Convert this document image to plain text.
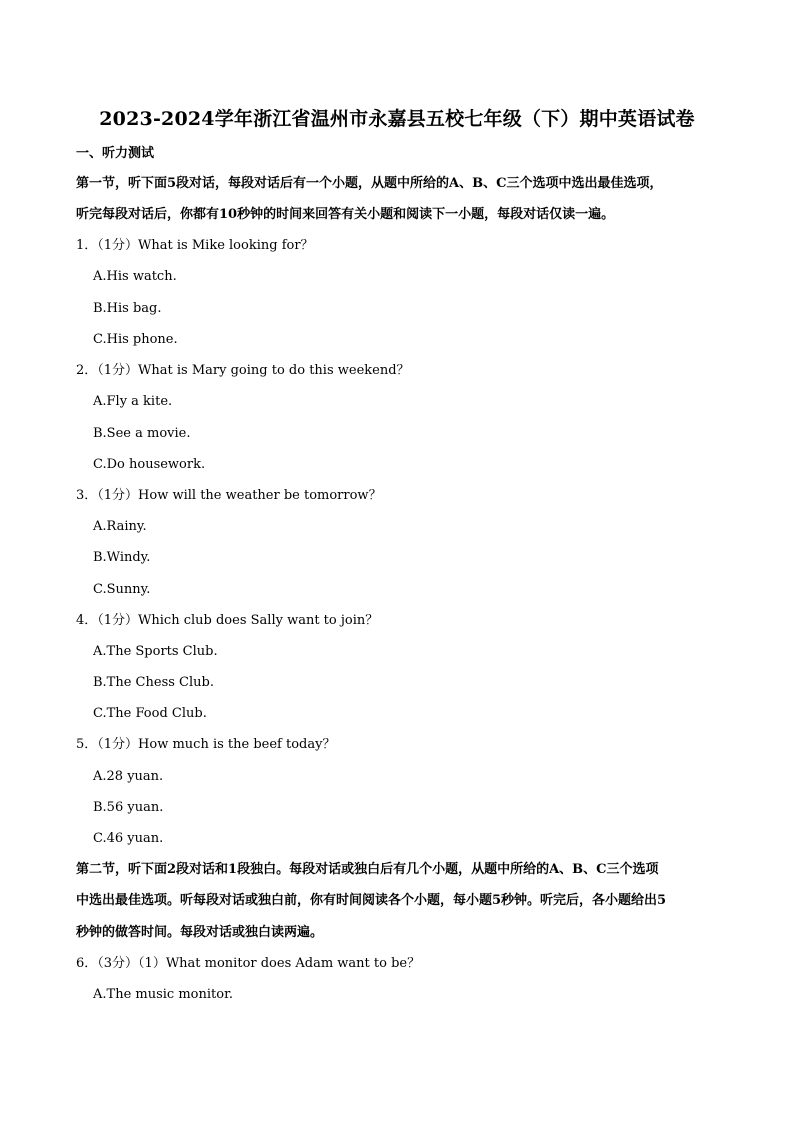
2023-2024学年浙江省温州市永嘉县五校七年级（下）期中英语试卷
一、听力测试
第一节，听下面5段对话，每段对话后有一个小题，从题中所给的A、B、C三个选项中选出最佳选项，
听完每段对话后，你都有10秒钟的时间来回答有关小题和阅读下一小题，每段对话仅读一遍。
1．（1分）What is Mike looking for？
A.His watch.
B.His bag.
C.His phone.
2．（1分）What is Mary going to do this weekend？
A.Fly a kite.
B.See a movie.
C.Do housework.
3．（1分）How will the weather be tomorrow？
A.Rainy.
B.Windy.
C.Sunny.
4．（1分）Which club does Sally want to join？
A.The Sports Club.
B.The Chess Club.
C.The Food Club.
5．（1分）How much is the beef today？
A.28 yuan.
B.56 yuan.
C.46 yuan.
第二节，听下面2段对话和1段独白。每段对话或独白后有几个小题，从题中所给的A、B、C三个选项
中选出最佳选项。听每段对话或独白前，你有时间阅读各个小题，每小题5秒钟。听完后，各小题给出5
秒钟的做答时间。每段对话或独白读两遍。
6．（3分）（1）What monitor does Adam want to be？
A.The music monitor.
